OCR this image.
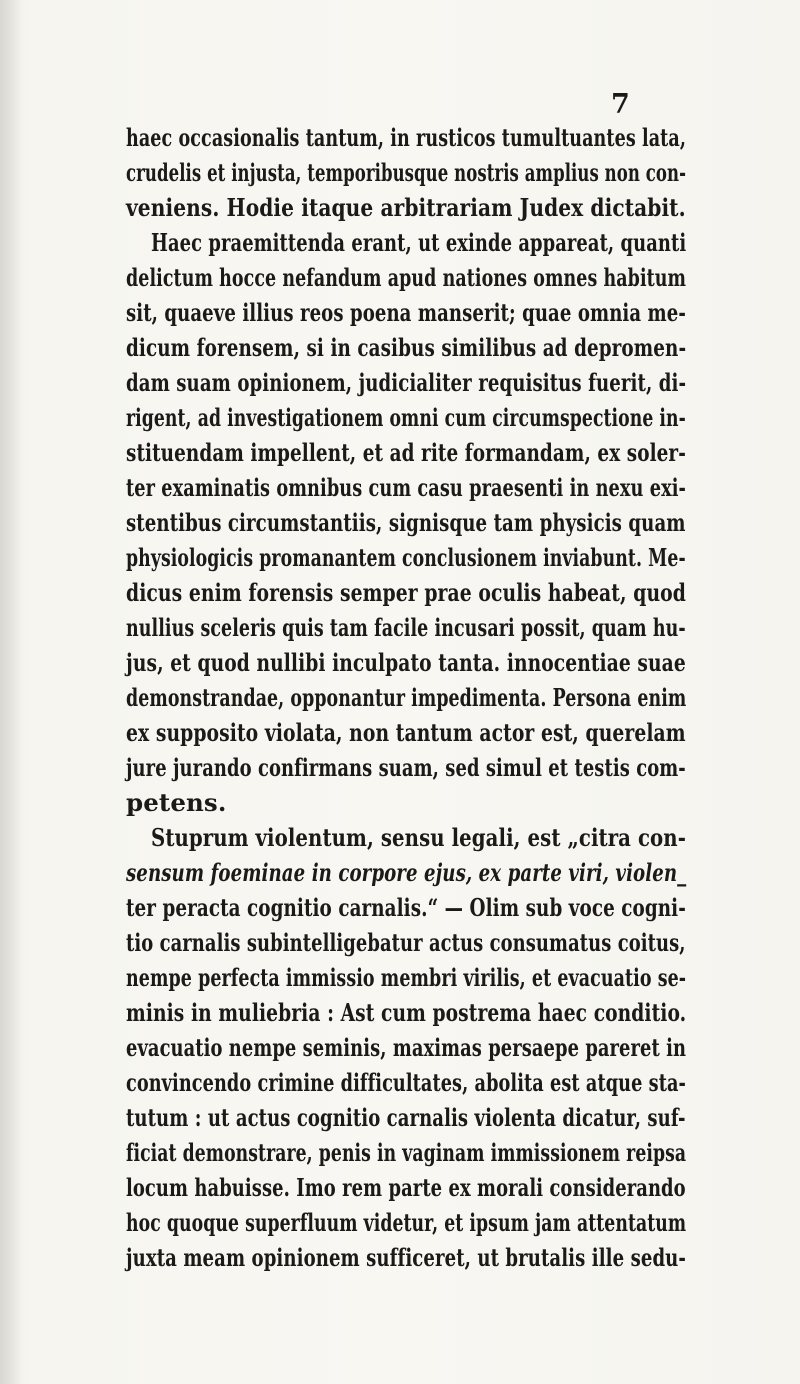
7
haec occasionalis tantum, in rusticos tumultuantes lata,
crudelis et injusta, temporibusque nostris amplius non con-
veniens. Hodie itaque arbitrariam Judex dictabit.
Haec praemittenda erant, ut exinde appareat, quanti
delictum hocce nefandum apud nationes omnes habitum
sit, quaeve illius reos poena manserit; quae omnia me-
dicum forensem, si in casibus similibus ad depromen-
dam suam opinionem, judicialiter requisitus fuerit, di-
rigent, ad investigationem omni cum circumspectione in-
stituendam impellent, et ad rite formandam, ex soler-
ter examinatis omnibus cum casu praesenti in nexu exi-
stentibus circumstantiis, signisque tam physicis quam
physiologicis promanantem conclusionem inviabunt. Me-
dicus enim forensis semper prae oculis habeat, quod
nullius sceleris quis tam facile incusari possit, quam hu-
jus, et quod nullibi inculpato tanta. innocentiae suae
demonstrandae, opponantur impedimenta. Persona enim
ex supposito violata, non tantum actor est, querelam
jure jurando confirmans suam, sed simul et testis com-
petens.
Stuprum violentum, sensu legali, est „citra con-
sensum foeminae in corpore ejus, ex parte viri, violen_
ter peracta cognitio carnalis.“ — Olim sub voce cogni-
tio carnalis subintelligebatur actus consumatus coitus,
nempe perfecta immissio membri virilis, et evacuatio se-
minis in muliebria : Ast cum postrema haec conditio.
evacuatio nempe seminis, maximas persaepe pareret in
convincendo crimine difficultates, abolita est atque sta-
tutum : ut actus cognitio carnalis violenta dicatur, suf-
ficiat demonstrare, penis in vaginam immissionem reipsa
locum habuisse. Imo rem parte ex morali considerando
hoc quoque superfluum videtur, et ipsum jam attentatum
juxta meam opinionem sufficeret, ut brutalis ille sedu-
